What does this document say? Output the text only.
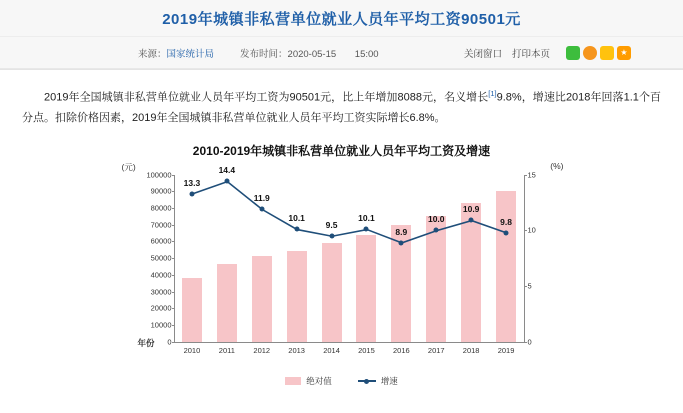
2019年城镇非私营单位就业人员年平均工资90501元
来源：国家统计局	发布时间：2020-05-15 15:00	关闭窗口 打印本页	★

2019年全国城镇非私营单位就业人员年平均工资为90501元，比上年增加8088元，名义增长[1]9.8%，增速比2018年回落1.1个百分点。扣除价格因素，2019年全国城镇非私营单位就业人员年平均工资实际增长6.8%。

2010-2019年城镇非私营单位就业人员年平均工资及增速
(元)	(%)
年份 0
10000
20000
30000
40000
50000
60000
70000
80000
90000
100000
0
5
10
15
2010 2011 2012 2013 2014 2015 2016 2017 2018 2019
13.3
14.4
11.9
10.1
9.5
10.1
8.9
10.0
10.9
9.8
绝对值	增速
